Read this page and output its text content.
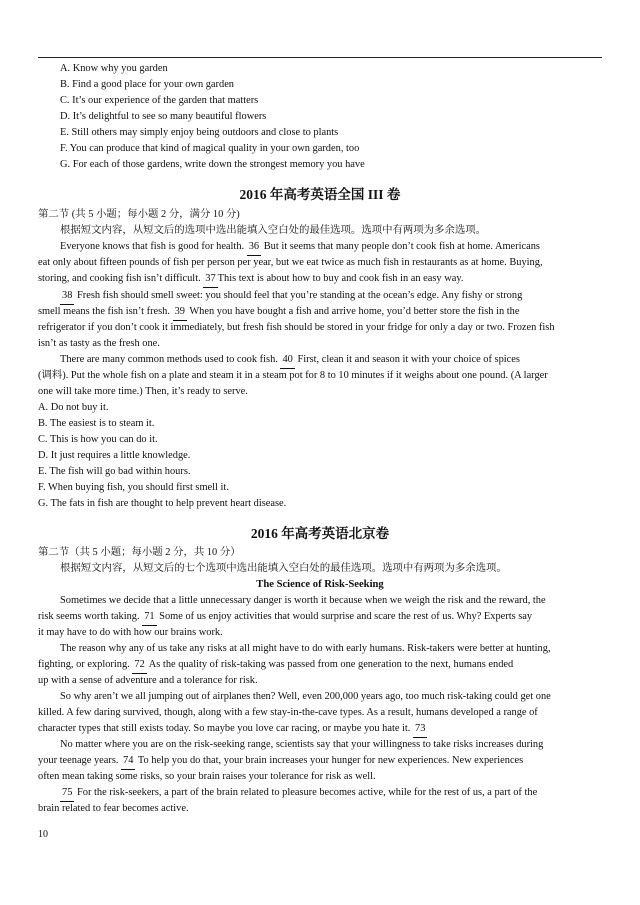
A. Know why you garden
B. Find a good place for your own garden
C. It’s our experience of the garden that matters
D. It’s delightful to see so many beautiful flowers
E. Still others may simply enjoy being outdoors and close to plants
F. You can produce that kind of magical quality in your own garden, too
G. For each of those gardens, write down the strongest memory you have
2016 年高考英语全国 III 卷
第二节 (共 5 小题；每小题 2 分，满分 10 分)
根据短文内容，从短文后的选项中选出能填入空白处的最佳选项。选项中有两项为多余选项。
Everyone knows that fish is good for health. 36 But it seems that many people don’t cook fish at home. Americans
eat only about fifteen pounds of fish per person per year, but we eat twice as much fish in restaurants as at home. Buying,
storing, and cooking fish isn’t difficult. 37 This text is about how to buy and cook fish in an easy way.
38 Fresh fish should smell sweet: you should feel that you’re standing at the ocean’s edge. Any fishy or strong
smell means the fish isn’t fresh. 39 When you have bought a fish and arrive home, you’d better store the fish in the
refrigerator if you don’t cook it immediately, but fresh fish should be stored in your fridge for only a day or two. Frozen fish
isn’t as tasty as the fresh one.
There are many common methods used to cook fish. 40 First, clean it and season it with your choice of spices
(调料). Put the whole fish on a plate and steam it in a steam pot for 8 to 10 minutes if it weighs about one pound. (A larger
one will take more time.) Then, it’s ready to serve.
A. Do not buy it.
B. The easiest is to steam it.
C. This is how you can do it.
D. It just requires a little knowledge.
E. The fish will go bad within hours.
F. When buying fish, you should first smell it.
G. The fats in fish are thought to help prevent heart disease.
2016 年高考英语北京卷
第二节（共 5 小题；每小题 2 分，共 10 分）
根据短文内容，从短文后的七个选项中选出能填入空白处的最佳选项。选项中有两项为多余选项。
The Science of Risk-Seeking
Sometimes we decide that a little unnecessary danger is worth it because when we weigh the risk and the reward, the
risk seems worth taking. 71 Some of us enjoy activities that would surprise and scare the rest of us. Why? Experts say
it may have to do with how our brains work.
The reason why any of us take any risks at all might have to do with early humans. Risk-takers were better at hunting,
fighting, or exploring. 72 As the quality of risk-taking was passed from one generation to the next, humans ended
up with a sense of adventure and a tolerance for risk.
So why aren’t we all jumping out of airplanes then? Well, even 200,000 years ago, too much risk-taking could get one
killed. A few daring survived, though, along with a few stay-in-the-cave types. As a result, humans developed a range of
character types that still exists today. So maybe you love car racing, or maybe you hate it. 73
No matter where you are on the risk-seeking range, scientists say that your willingness to take risks increases during
your teenage years. 74 To help you do that, your brain increases your hunger for new experiences. New experiences
often mean taking some risks, so your brain raises your tolerance for risk as well.
75 For the risk-seekers, a part of the brain related to pleasure becomes active, while for the rest of us, a part of the
brain related to fear becomes active.
10
